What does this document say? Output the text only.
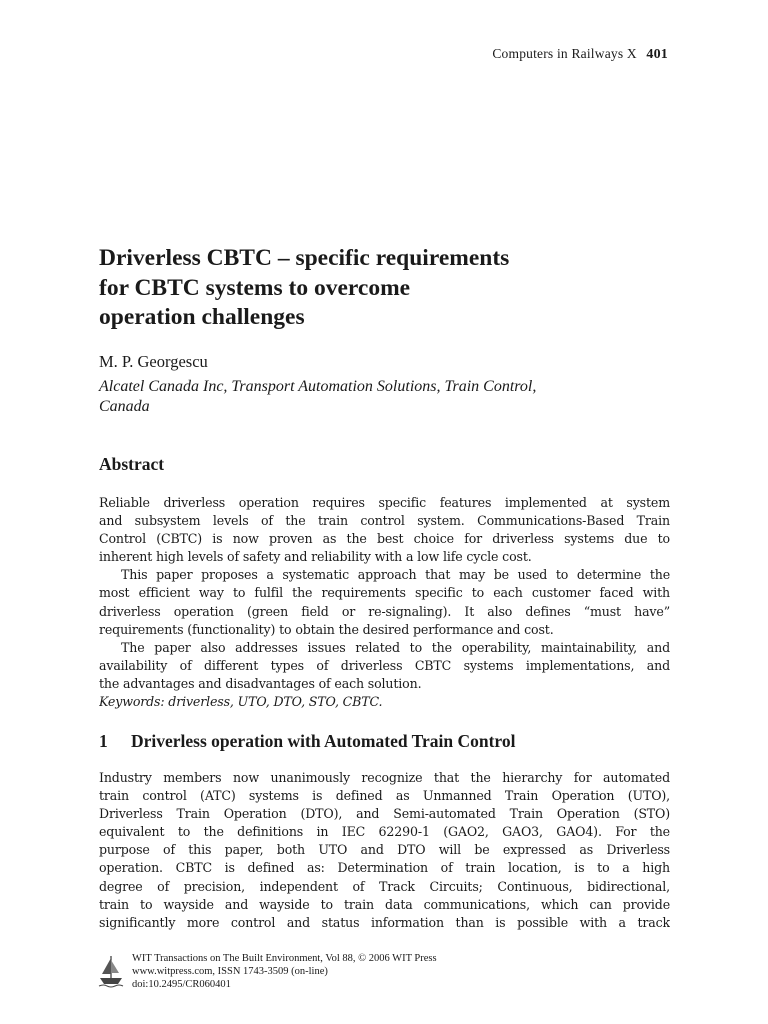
Computers in Railways X 401
Driverless CBTC – specific requirements
for CBTC systems to overcome
operation challenges
M. P. Georgescu
Alcatel Canada Inc, Transport Automation Solutions, Train Control,
Canada
Abstract
Reliable driverless operation requires specific features implemented at system
and subsystem levels of the train control system. Communications-Based Train
Control (CBTC) is now proven as the best choice for driverless systems due to
inherent high levels of safety and reliability with a low life cycle cost.
This paper proposes a systematic approach that may be used to determine the
most efficient way to fulfil the requirements specific to each customer faced with
driverless operation (green field or re-signaling). It also defines “must have”
requirements (functionality) to obtain the desired performance and cost.
The paper also addresses issues related to the operability, maintainability, and
availability of different types of driverless CBTC systems implementations, and
the advantages and disadvantages of each solution.
Keywords: driverless, UTO, DTO, STO, CBTC.
1 Driverless operation with Automated Train Control
Industry members now unanimously recognize that the hierarchy for automated
train control (ATC) systems is defined as Unmanned Train Operation (UTO),
Driverless Train Operation (DTO), and Semi-automated Train Operation (STO)
equivalent to the definitions in IEC 62290-1 (GAO2, GAO3, GAO4). For the
purpose of this paper, both UTO and DTO will be expressed as Driverless
operation. CBTC is defined as: Determination of train location, is to a high
degree of precision, independent of Track Circuits; Continuous, bidirectional,
train to wayside and wayside to train data communications, which can provide
significantly more control and status information than is possible with a track
WIT Transactions on The Built Environment, Vol 88, © 2006 WIT Press
www.witpress.com, ISSN 1743-3509 (on-line)
doi:10.2495/CR060401
